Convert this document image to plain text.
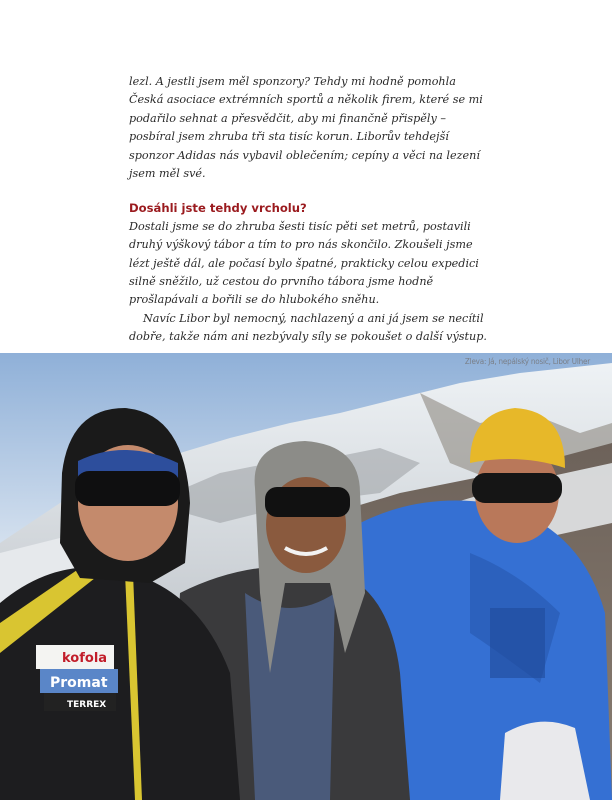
lezl. A jestli jsem měl sponzory? Tehdy mi hodně pomohla Česká asociace extrémních sportů a několik firem, které se mi podařilo sehnat a přesvědčit, aby mi finančně přispěly – posbíral jsem zhruba tři sta tisíc korun. Liborův tehdejší sponzor Adidas nás vybavil oblečením; cepíny a věci na lezení jsem měl své.

Dosáhli jste tehdy vrcholu?

Dostali jsme se do zhruba šesti tisíc pěti set metrů, postavili druhý výškový tábor a tím to pro nás skončilo. Zkoušeli jsme lézt ještě dál, ale počasí bylo špatné, prakticky celou expedici silně sněžilo, už cestou do prvního tábora jsme hodně prošlapávali a bořili se do hlubokého sněhu.

Navíc Libor byl nemocný, nachlazený a ani já jsem se necítil dobře, takže nám ani nezbývaly síly se pokoušet o další výstup.

kofola
Promat
TERREX
Zleva: Já, nepálský nosič, Libor Ulher
